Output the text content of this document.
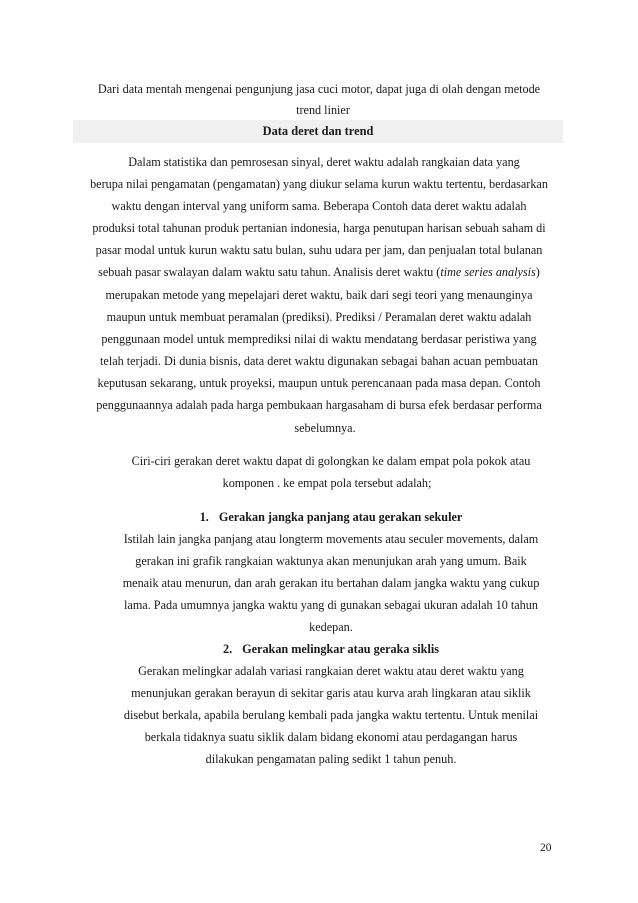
Dari data mentah mengenai pengunjung jasa cuci motor, dapat juga di olah dengan metode
trend linier
Data deret dan trend
Dalam statistika dan pemrosesan sinyal, deret waktu adalah rangkaian data yang
berupa nilai pengamatan (pengamatan) yang diukur selama kurun waktu tertentu, berdasarkan
waktu dengan interval yang uniform sama. Beberapa Contoh data deret waktu adalah
produksi total tahunan produk pertanian indonesia, harga penutupan harisan sebuah saham di
pasar modal untuk kurun waktu satu bulan, suhu udara per jam, dan penjualan total bulanan
sebuah pasar swalayan dalam waktu satu tahun. Analisis deret waktu (time series analysis)
merupakan metode yang mepelajari deret waktu, baik dari segi teori yang menaunginya
maupun untuk membuat peramalan (prediksi). Prediksi / Peramalan deret waktu adalah
penggunaan model untuk memprediksi nilai di waktu mendatang berdasar peristiwa yang
telah terjadi. Di dunia bisnis, data deret waktu digunakan sebagai bahan acuan pembuatan
keputusan sekarang, untuk proyeksi, maupun untuk perencanaan pada masa depan. Contoh
penggunaannya adalah pada harga pembukaan hargasaham di bursa efek berdasar performa
sebelumnya.
Ciri-ciri gerakan deret waktu dapat di golongkan ke dalam empat pola pokok atau
komponen . ke empat pola tersebut adalah;
1. Gerakan jangka panjang atau gerakan sekuler
Istilah lain jangka panjang atau longterm movements atau seculer movements, dalam
gerakan ini grafik rangkaian waktunya akan menunjukan arah yang umum. Baik
menaik atau menurun, dan arah gerakan itu bertahan dalam jangka waktu yang cukup
lama. Pada umumnya jangka waktu yang di gunakan sebagai ukuran adalah 10 tahun
kedepan.
2. Gerakan melingkar atau geraka siklis
Gerakan melingkar adalah variasi rangkaian deret waktu atau deret waktu yang
menunjukan gerakan berayun di sekitar garis atau kurva arah lingkaran atau siklik
disebut berkala, apabila berulang kembali pada jangka waktu tertentu. Untuk menilai
berkala tidaknya suatu siklik dalam bidang ekonomi atau perdagangan harus
dilakukan pengamatan paling sedikt 1 tahun penuh.
20
